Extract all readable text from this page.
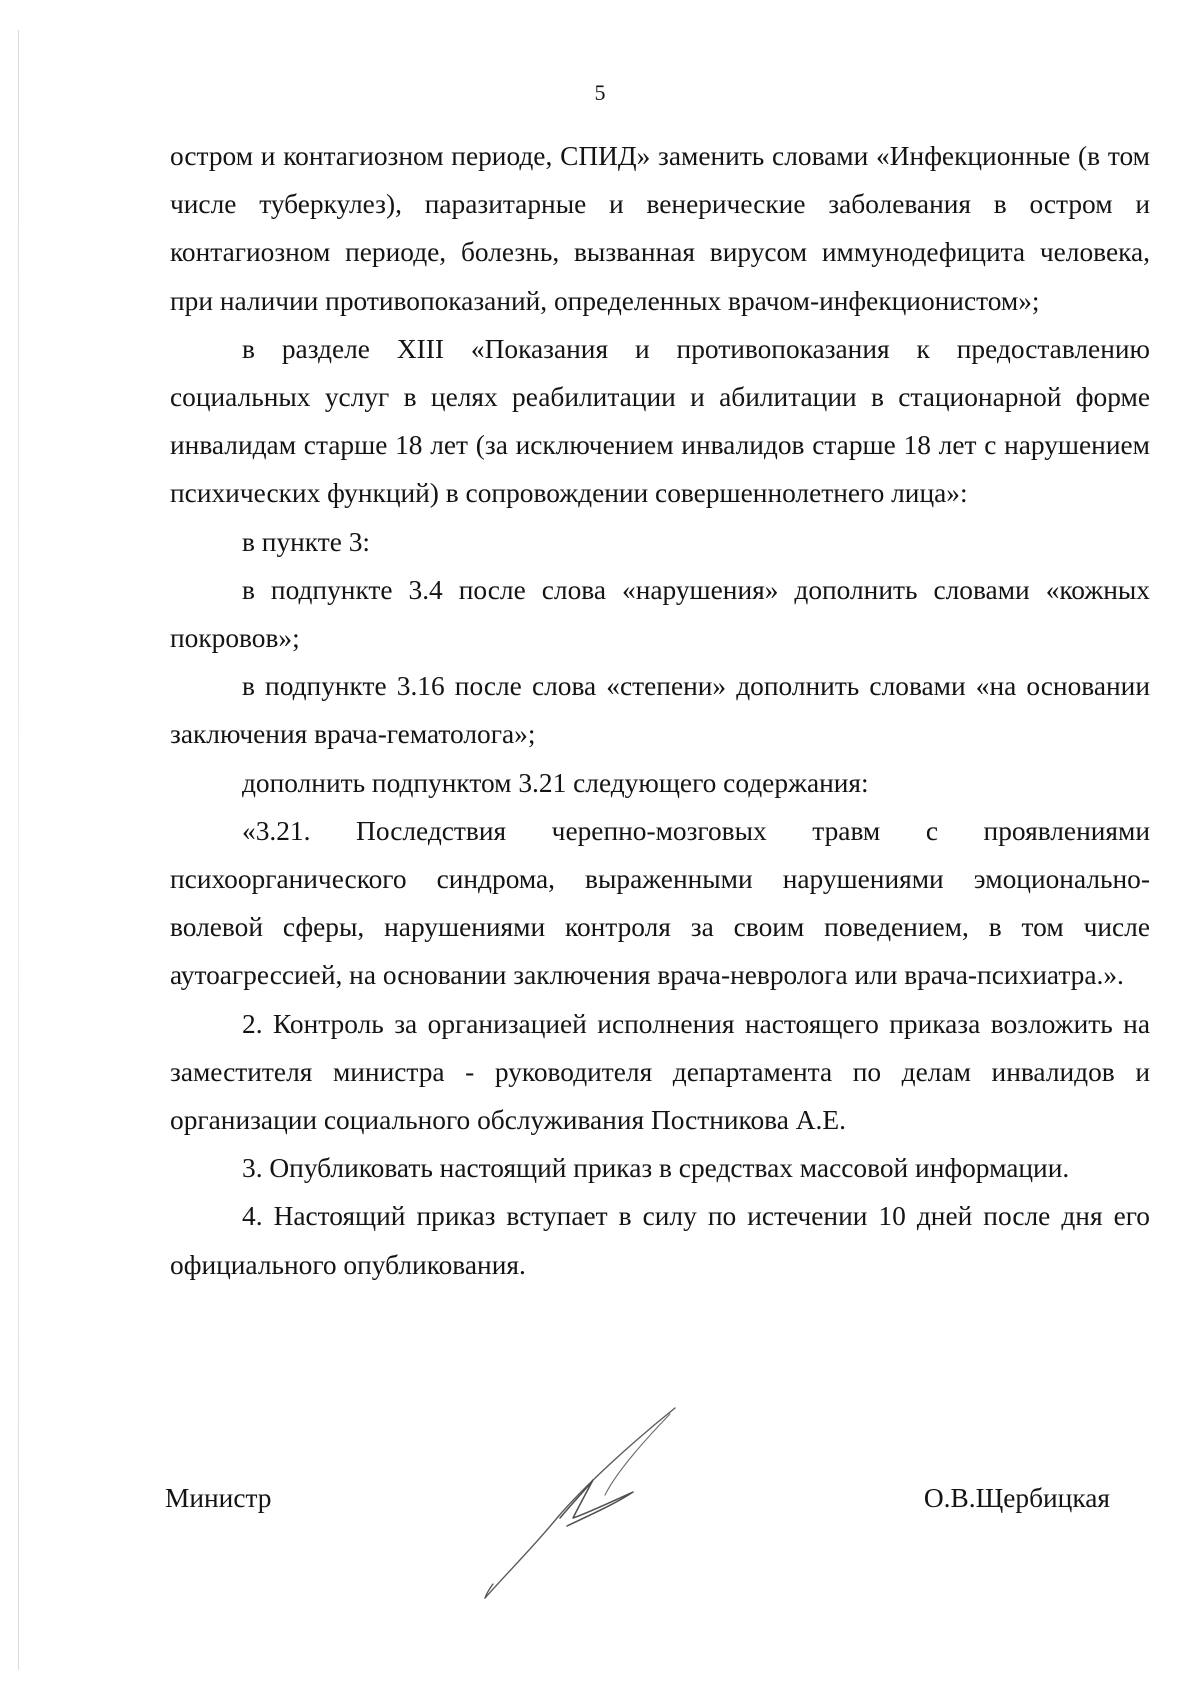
5

остром и контагиозном периоде, СПИД» заменить словами «Инфекционные (в том числе туберкулез), паразитарные и венерические заболевания в остром и контагиозном периоде, болезнь, вызванная вирусом иммунодефицита человека, при наличии противопоказаний, определенных врачом-инфекционистом»;

в разделе XIII «Показания и противопоказания к предоставлению социальных услуг в целях реабилитации и абилитации в стационарной форме инвалидам старше 18 лет (за исключением инвалидов старше 18 лет с нарушением психических функций) в сопровождении совершеннолетнего лица»:

в пункте 3:

в подпункте 3.4 после слова «нарушения» дополнить словами «кожных покровов»;

в подпункте 3.16 после слова «степени» дополнить словами «на основании заключения врача-гематолога»;

дополнить подпунктом 3.21 следующего содержания:

«3.21. Последствия черепно-мозговых травм с проявлениями психоорганического синдрома, выраженными нарушениями эмоционально-волевой сферы, нарушениями контроля за своим поведением, в том числе аутоагрессией, на основании заключения врача-невролога или врача-психиатра.».

2. Контроль за организацией исполнения настоящего приказа возложить на заместителя министра - руководителя департамента по делам инвалидов и организации социального обслуживания Постникова А.Е.

3. Опубликовать настоящий приказ в средствах массовой информации.

4. Настоящий приказ вступает в силу по истечении 10 дней после дня его официального опубликования.

Министр	О.В.Щербицкая
